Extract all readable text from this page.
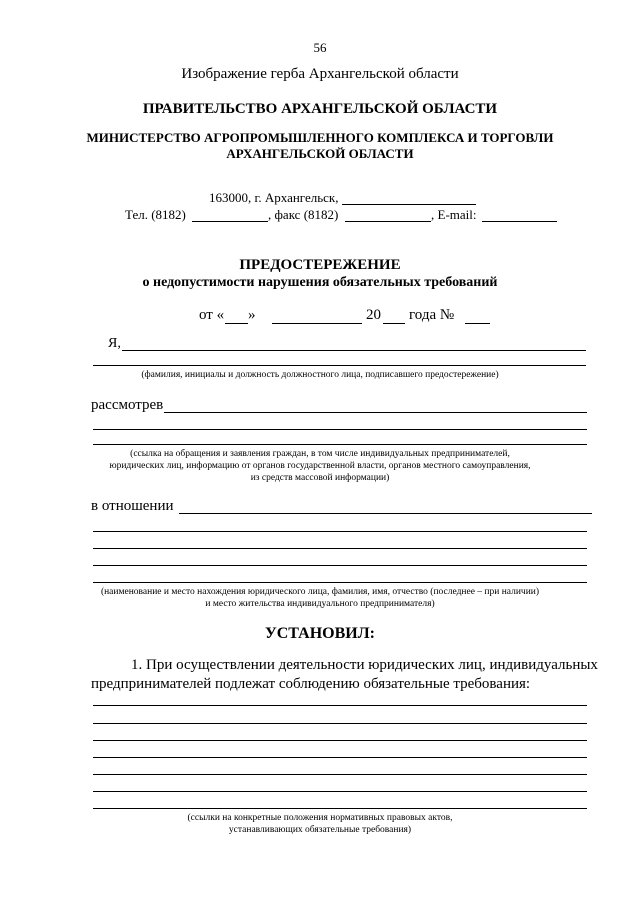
56
Изображение герба Архангельской области
ПРАВИТЕЛЬСТВО АРХАНГЕЛЬСКОЙ ОБЛАСТИ
МИНИСТЕРСТВО АГРОПРОМЫШЛЕННОГО КОМПЛЕКСА И ТОРГОВЛИ
АРХАНГЕЛЬСКОЙ ОБЛАСТИ
163000, г. Архангельск,
Тел. (8182)	, факс (8182)	, E-mail:
ПРЕДОСТЕРЕЖЕНИЕ
о недопустимости нарушения обязательных требований
от « »	20 года №
Я,
(фамилия, инициалы и должность должностного лица, подписавшего предостережение)
рассмотрев
(ссылка на обращения и заявления граждан, в том числе индивидуальных предпринимателей,
юридических лиц, информацию от органов государственной власти, органов местного самоуправления,
из средств массовой информации)
в отношении
(наименование и место нахождения юридического лица, фамилия, имя, отчество (последнее – при наличии)
и место жительства индивидуального предпринимателя)
УСТАНОВИЛ:
1. При осуществлении деятельности юридических лиц, индивидуальных
предпринимателей подлежат соблюдению обязательные требования:
(ссылки на конкретные положения нормативных правовых актов,
устанавливающих обязательные требования)
